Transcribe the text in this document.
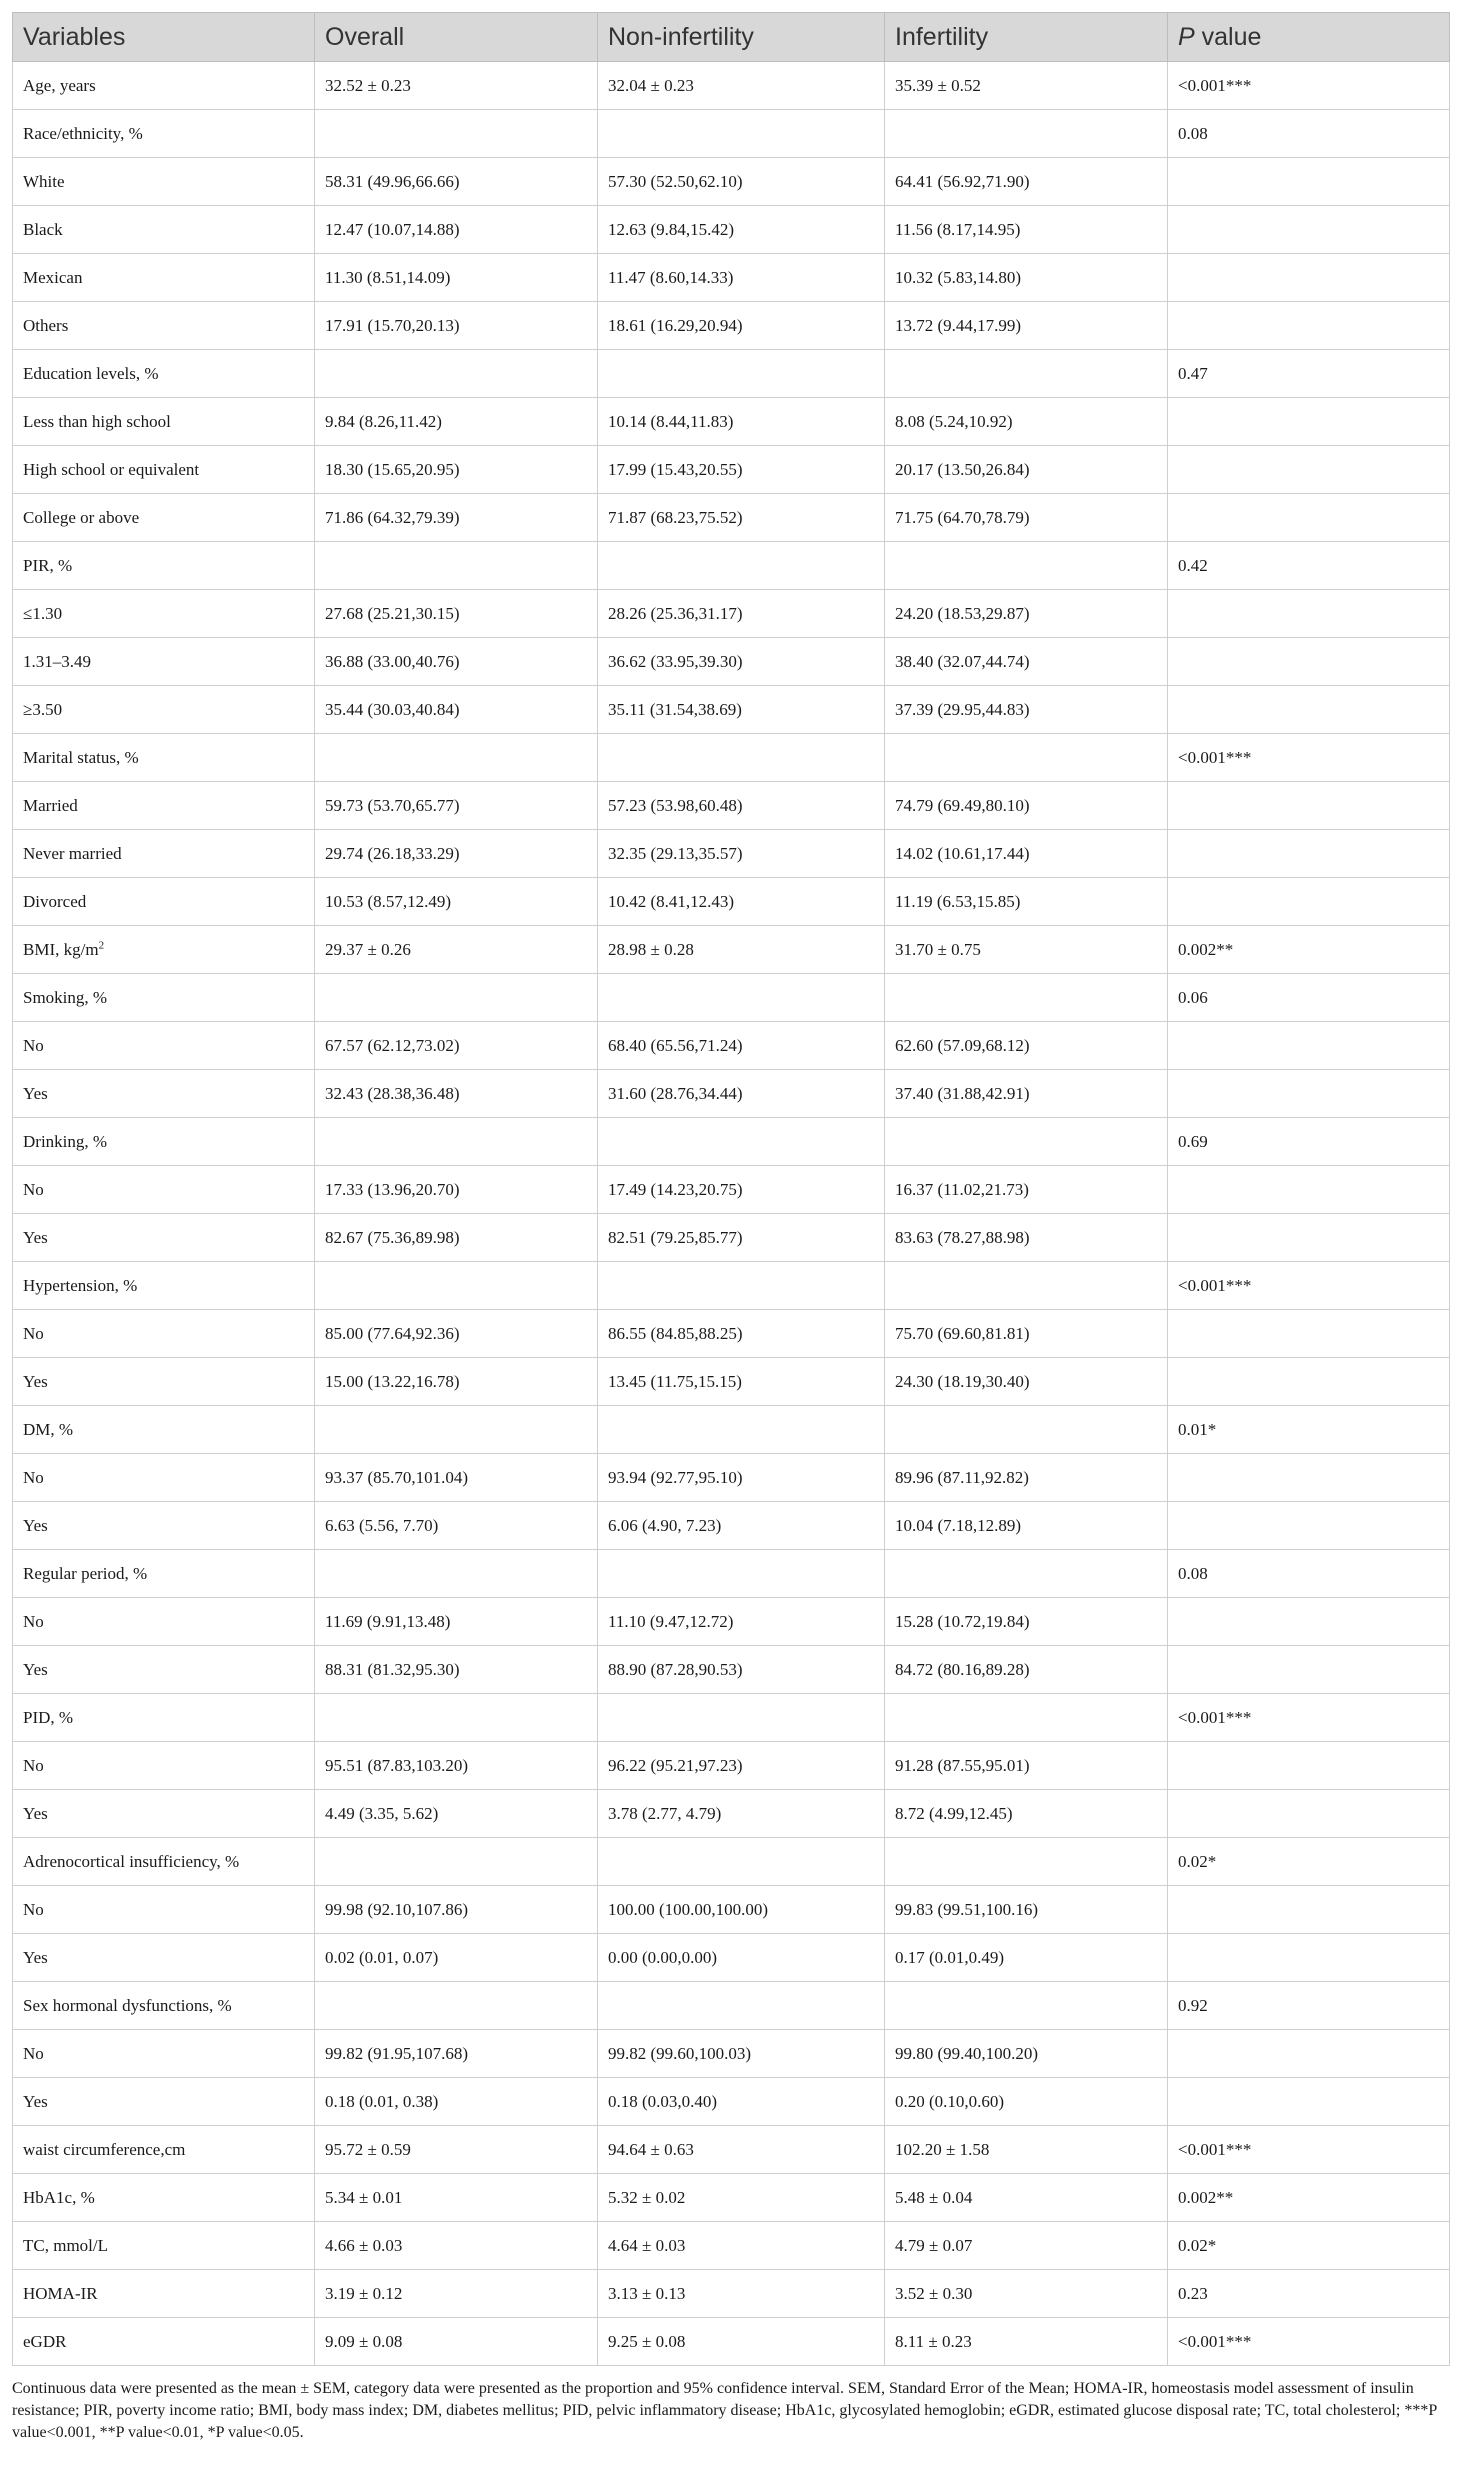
Variables	Overall	Non-infertility	Infertility	P value
Age, years	32.52 ± 0.23	32.04 ± 0.23	35.39 ± 0.52	<0.001***
Race/ethnicity, %				0.08
White	58.31 (49.96,66.66)	57.30 (52.50,62.10)	64.41 (56.92,71.90)	
Black	12.47 (10.07,14.88)	12.63 (9.84,15.42)	11.56 (8.17,14.95)	
Mexican	11.30 (8.51,14.09)	11.47 (8.60,14.33)	10.32 (5.83,14.80)	
Others	17.91 (15.70,20.13)	18.61 (16.29,20.94)	13.72 (9.44,17.99)	
Education levels, %				0.47
Less than high school	9.84 (8.26,11.42)	10.14 (8.44,11.83)	8.08 (5.24,10.92)	
High school or equivalent	18.30 (15.65,20.95)	17.99 (15.43,20.55)	20.17 (13.50,26.84)	
College or above	71.86 (64.32,79.39)	71.87 (68.23,75.52)	71.75 (64.70,78.79)	
PIR, %				0.42
≤1.30	27.68 (25.21,30.15)	28.26 (25.36,31.17)	24.20 (18.53,29.87)	
1.31–3.49	36.88 (33.00,40.76)	36.62 (33.95,39.30)	38.40 (32.07,44.74)	
≥3.50	35.44 (30.03,40.84)	35.11 (31.54,38.69)	37.39 (29.95,44.83)	
Marital status, %				<0.001***
Married	59.73 (53.70,65.77)	57.23 (53.98,60.48)	74.79 (69.49,80.10)	
Never married	29.74 (26.18,33.29)	32.35 (29.13,35.57)	14.02 (10.61,17.44)	
Divorced	10.53 (8.57,12.49)	10.42 (8.41,12.43)	11.19 (6.53,15.85)	
BMI, $kg/m^2$	29.37 ± 0.26	28.98 ± 0.28	31.70 ± 0.75	0.002**
Smoking, %				0.06
No	67.57 (62.12,73.02)	68.40 (65.56,71.24)	62.60 (57.09,68.12)	
Yes	32.43 (28.38,36.48)	31.60 (28.76,34.44)	37.40 (31.88,42.91)	
Drinking, %				0.69
No	17.33 (13.96,20.70)	17.49 (14.23,20.75)	16.37 (11.02,21.73)	
Yes	82.67 (75.36,89.98)	82.51 (79.25,85.77)	83.63 (78.27,88.98)	
Hypertension, %				<0.001***
No	85.00 (77.64,92.36)	86.55 (84.85,88.25)	75.70 (69.60,81.81)	
Yes	15.00 (13.22,16.78)	13.45 (11.75,15.15)	24.30 (18.19,30.40)	
DM, %				0.01*
No	93.37 (85.70,101.04)	93.94 (92.77,95.10)	89.96 (87.11,92.82)	
Yes	6.63 (5.56, 7.70)	6.06 (4.90, 7.23)	10.04 (7.18,12.89)	
Regular period, %				0.08
No	11.69 (9.91,13.48)	11.10 (9.47,12.72)	15.28 (10.72,19.84)	
Yes	88.31 (81.32,95.30)	88.90 (87.28,90.53)	84.72 (80.16,89.28)	
PID, %				<0.001***
No	95.51 (87.83,103.20)	96.22 (95.21,97.23)	91.28 (87.55,95.01)	
Yes	4.49 (3.35, 5.62)	3.78 (2.77, 4.79)	8.72 (4.99,12.45)	
Adrenocortical insufficiency, %				0.02*
No	99.98 (92.10,107.86)	100.00 (100.00,100.00)	99.83 (99.51,100.16)	
Yes	0.02 (0.01, 0.07)	0.00 (0.00,0.00)	0.17 (0.01,0.49)	
Sex hormonal dysfunctions, %				0.92
No	99.82 (91.95,107.68)	99.82 (99.60,100.03)	99.80 (99.40,100.20)	
Yes	0.18 (0.01, 0.38)	0.18 (0.03,0.40)	0.20 (0.10,0.60)	
waist circumference,cm	95.72 ± 0.59	94.64 ± 0.63	102.20 ± 1.58	<0.001***
HbA1c, %	5.34 ± 0.01	5.32 ± 0.02	5.48 ± 0.04	0.002**
TC, mmol/L	4.66 ± 0.03	4.64 ± 0.03	4.79 ± 0.07	0.02*
HOMA-IR	3.19 ± 0.12	3.13 ± 0.13	3.52 ± 0.30	0.23
eGDR	9.09 ± 0.08	9.25 ± 0.08	8.11 ± 0.23	<0.001***
Continuous data were presented as the mean ± SEM, category data were presented as the proportion and 95% confidence interval. SEM, Standard Error of the Mean; HOMA-IR, homeostasis model assessment of insulin resistance; PIR, poverty income ratio; BMI, body mass index; DM, diabetes mellitus; PID, pelvic inflammatory disease; HbA1c, glycosylated hemoglobin; eGDR, estimated glucose disposal rate; TC, total cholesterol; ***P value<0.001, **P value<0.01, *P value<0.05.
